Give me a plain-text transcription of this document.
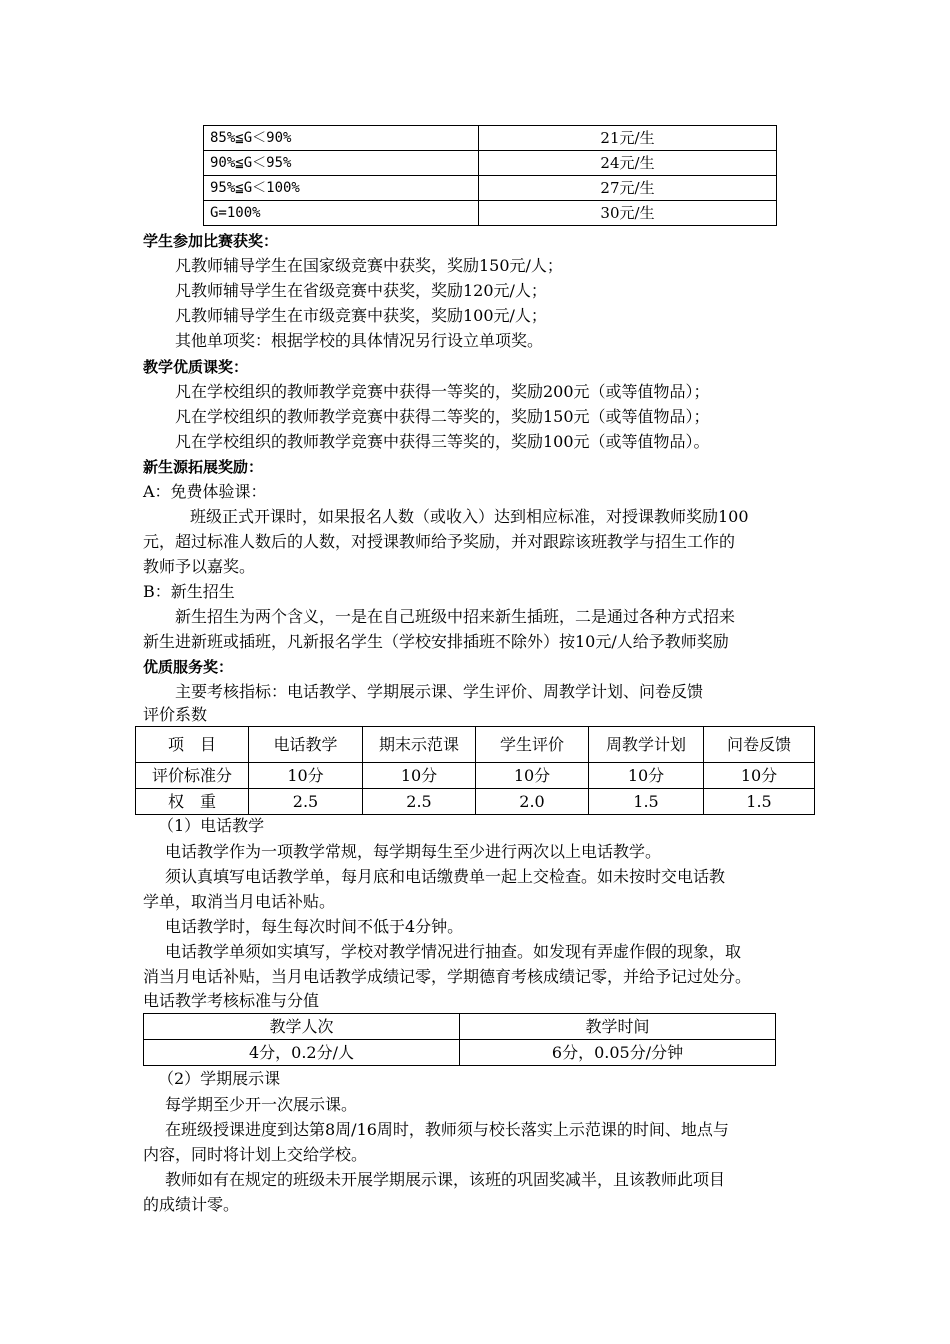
85%≦G＜90%	21元/生
90%≦G＜95%	24元/生
95%≦G＜100%	27元/生
G=100%	30元/生
学生参加比赛获奖：
凡教师辅导学生在国家级竞赛中获奖，奖励150元/人；
凡教师辅导学生在省级竞赛中获奖，奖励120元/人；
凡教师辅导学生在市级竞赛中获奖，奖励100元/人；
其他单项奖：根据学校的具体情况另行设立单项奖。
教学优质课奖：
凡在学校组织的教师教学竞赛中获得一等奖的，奖励200元（或等值物品）；
凡在学校组织的教师教学竞赛中获得二等奖的，奖励150元（或等值物品）；
凡在学校组织的教师教学竞赛中获得三等奖的，奖励100元（或等值物品）。
新生源拓展奖励：
A：免费体验课：
班级正式开课时，如果报名人数（或收入）达到相应标准，对授课教师奖励100
元，超过标准人数后的人数，对授课教师给予奖励，并对跟踪该班教学与招生工作的
教师予以嘉奖。
B：新生招生
新生招生为两个含义，一是在自己班级中招来新生插班，二是通过各种方式招来
新生进新班或插班，凡新报名学生（学校安排插班不除外）按10元/人给予教师奖励
优质服务奖：
主要考核指标：电话教学、学期展示课、学生评价、周教学计划、问卷反馈
评价系数
项　目	电话教学	期末示范课	学生评价	周教学计划	问卷反馈
评价标准分	10分	10分	10分	10分	10分
权　重	2.5	2.5	2.0	1.5	1.5
（1）电话教学
电话教学作为一项教学常规，每学期每生至少进行两次以上电话教学。
须认真填写电话教学单，每月底和电话缴费单一起上交检查。如未按时交电话教
学单，取消当月电话补贴。
电话教学时，每生每次时间不低于4分钟。
电话教学单须如实填写，学校对教学情况进行抽查。如发现有弄虚作假的现象，取
消当月电话补贴，当月电话教学成绩记零，学期德育考核成绩记零，并给予记过处分。
电话教学考核标准与分值
教学人次	教学时间
4分，0.2分/人	6分，0.05分/分钟
（2）学期展示课
每学期至少开一次展示课。
在班级授课进度到达第8周/16周时，教师须与校长落实上示范课的时间、地点与
内容，同时将计划上交给学校。
教师如有在规定的班级未开展学期展示课，该班的巩固奖减半，且该教师此项目
的成绩计零。
